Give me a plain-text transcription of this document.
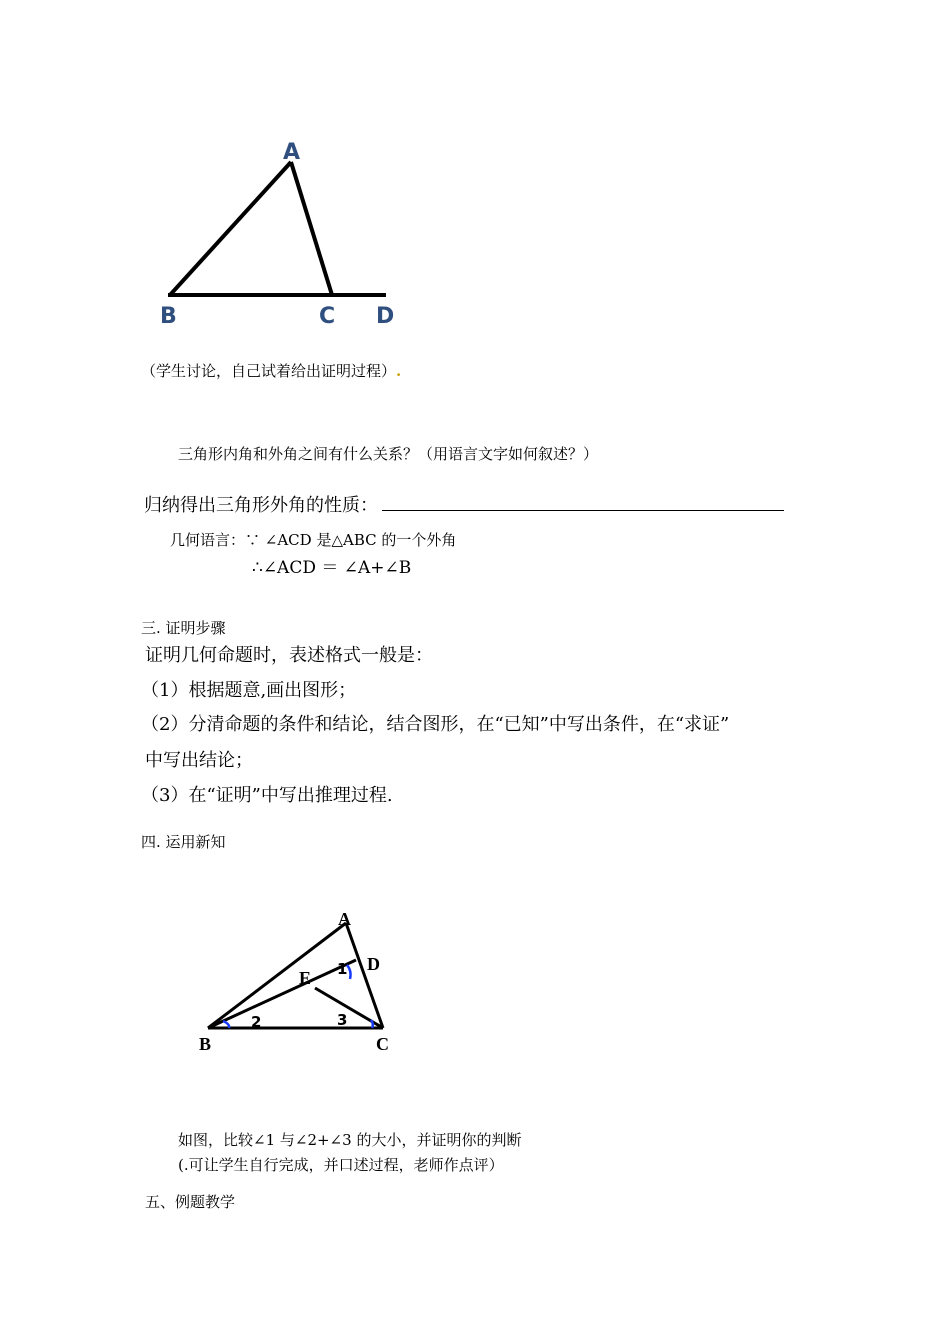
A
B	C D
（学生讨论，自己试着给出证明过程）.
三角形内角和外角之间有什么关系？（用语言文字如何叙述？）
归纳得出三角形外角的性质：
几何语言：∵ ∠ACD 是△ABC 的一个外角
∴∠ACD ＝ ∠A+∠B
三. 证明步骤
证明几何命题时，表述格式一般是：
（1）根据题意,画出图形；
（2）分清命题的条件和结论，结合图形，在“已知”中写出条件，在“求证”
中写出结论；
（3）在“证明”中写出推理过程.
四. 运用新知
A
B	C
D
E 1
2	3
如图，比较∠1 与∠2+∠3 的大小，并证明你的判断
(.可让学生自行完成，并口述过程，老师作点评）
五、例题教学
